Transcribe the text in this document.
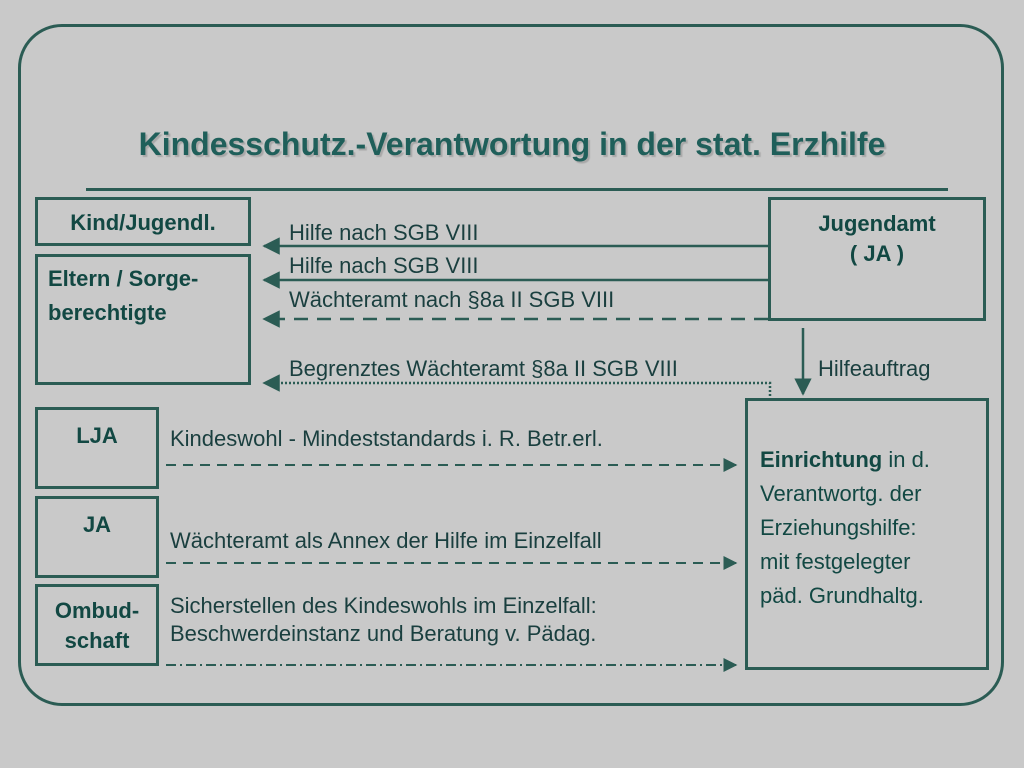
Kindesschutz.-Verantwortung in der stat. Erzhilfe
Kind/Jugendl.
Eltern / Sorge-
berechtigte
Jugendamt
( JA )
LJA
JA
Ombud-
schaft
Einrichtung in d.
Verantwortg. der
Erziehungshilfe:
mit festgelegter
päd. Grundhaltg.
Hilfe nach SGB VIII
Hilfe nach SGB VIII
Wächteramt nach §8a II SGB VIII
Begrenztes Wächteramt §8a II SGB VIII	Hilfeauftrag
Kindeswohl - Mindeststandards i. R. Betr.erl.
Wächteramt als Annex der Hilfe im Einzelfall
Sicherstellen des Kindeswohls im Einzelfall:
Beschwerdeinstanz und Beratung v. Pädag.
